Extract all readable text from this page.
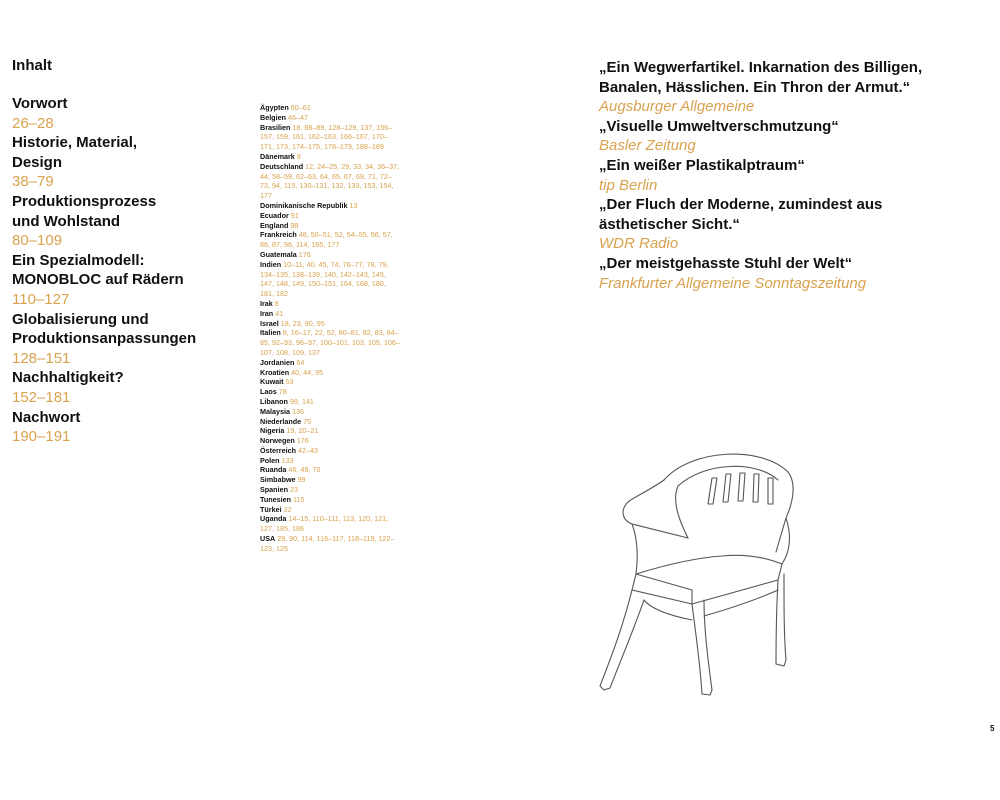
Inhalt
Vorwort
26–28
Historie, Material,
Design
38–79
Produktionsprozess
und Wohlstand
80–109
Ein Spezialmodell:
MONOBLOC auf Rädern
110–127
Globalisierung und
Produktionsanpassungen
128–151
Nachhaltigkeit?
152–181
Nachwort
190–191
Ägypten 60–61
Belgien 46–47
Brasilien 18, 88–89, 128–129, 137, 156–157, 159, 161, 162–163, 166–167, 170–171, 173, 174–175, 178–179, 188–189
Dänemark 9
Deutschland 12, 24–25, 29, 33, 34, 36–37, 44, 58–59, 62–63, 64, 65, 67, 69, 71, 72–73, 94, 115, 130–131, 132, 133, 153, 154, 177
Dominikanische Republik 13
Ecuador 91
England 98
Frankreich 48, 50–51, 52, 54–55, 56, 57, 86, 87, 96, 114, 165, 177
Guatemala 176
Indien 10–11, 40, 45, 74, 76–77, 78, 79, 134–135, 138–139, 140, 142–143, 145, 147, 148, 149, 150–151, 164, 168, 180, 181, 182
Irak 8
Iran 41
Israel 18, 23, 90, 95
Italien 8, 16–17, 22, 52, 80–81, 82, 83, 84–85, 92–93, 96–97, 100–101, 103, 105, 106–107, 108, 109, 137
Jordanien 64
Kroatien 40, 44, 95
Kuwait 53
Laos 78
Libanon 99, 141
Malaysia 136
Niederlande 75
Nigeria 19, 20–21
Norwegen 176
Österreich 42–43
Polen 133
Ruanda 46, 49, 70
Simbabwe 99
Spanien 23
Tunesien 115
Türkei 22
Uganda 14–15, 110–111, 113, 120, 121, 127, 185, 186
USA 29, 90, 114, 116–117, 118–119, 122–123, 125
„Ein Wegwerfartikel. Inkarnation des Billigen,
Banalen, Hässlichen. Ein Thron der Armut.“
Augsburger Allgemeine
„Visuelle Umweltverschmutzung“
Basler Zeitung
„Ein weißer Plastikalptraum“
tip Berlin
„Der Fluch der Moderne, zumindest aus
ästhetischer Sicht.“
WDR Radio
„Der meistgehasste Stuhl der Welt“
Frankfurter Allgemeine Sonntagszeitung
5
